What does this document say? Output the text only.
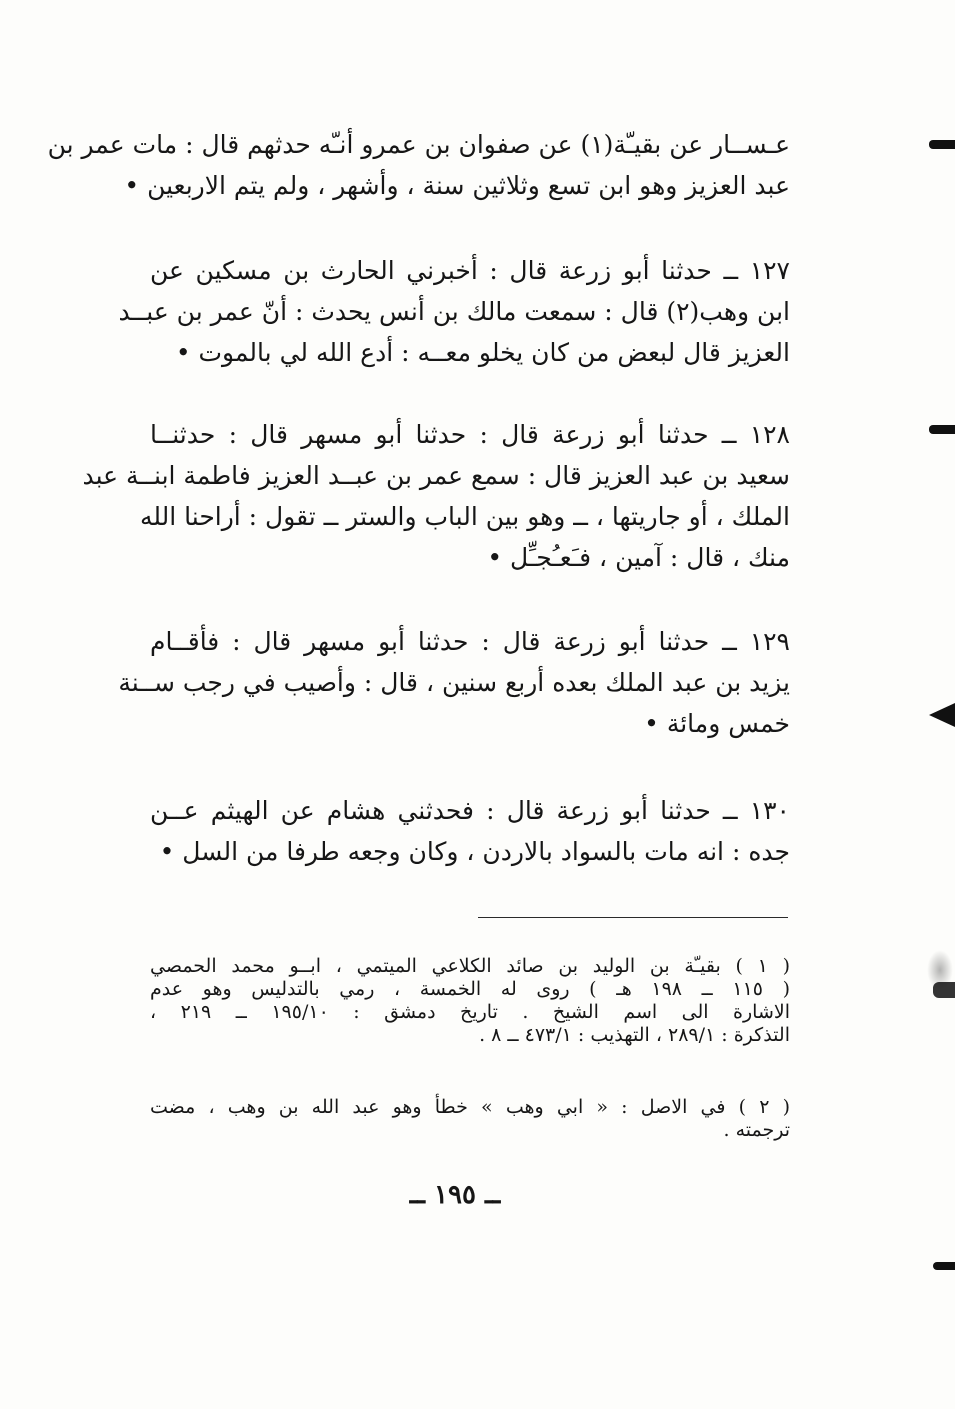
عـســار عن بقيـّة(١) عن صفوان بن عمرو أنـّه حدثهم قال : مات عمر بن
عبد العزيز وهو ابن تسع وثلاثين سنة ، وأشهر ، ولم يتم الاربعين •
١٢٧ ــ حدثنا أبو زرعة قال : أخبرني الحارث بن مسكين عن
ابن وهب(٢) قال : سمعت مالك بن أنس يحدث : أنّ عمر بن عبــد
العزيز قال لبعض من كان يخلو معــه : أدع الله لي بالموت •
١٢٨ ــ حدثنا أبو زرعة قال : حدثنا أبو مسهر قال : حدثنــا
سعيد بن عبد العزيز قال : سمع عمر بن عبــد العزيز فاطمة ابنــة عبد
الملك ، أو جاريتها ، ــ وهو بين الباب والستر ــ تقول : أراحنا الله
منك ، قال : آمين ، فـَعـُجـِّل •
١٢٩ ــ حدثنا أبو زرعة قال : حدثنا أبو مسهر قال : فأقــام
يزيد بن عبد الملك بعده أربع سنين ، قال : وأصيب في رجب ســنة
خمس ومائة •
١٣٠ ــ حدثنا أبو زرعة قال : فحدثني هشام عن الهيثم عــن
جده : انه مات بالسواد بالاردن ، وكان وجعه طرفا من السل •
( ١ ) بقيـّة بن الوليد بن صائد الكلاعي الميتمي ، ابــو محمد الحمصي
( ١١٥ ــ ١٩٨ هـ ) روى له الخمسة ، رمي بالتدليس وهو عدم
الاشارة الى اسم الشيخ . تاريخ دمشق : ١٩٥/١٠ ــ ٢١٩ ،
التذكرة : ٢٨٩/١ ، التهذيب : ٤٧٣/١ ــ ٨ .
( ٢ ) في الاصل : « ابي وهب » خطأ وهو عبد الله بن وهب ، مضت
ترجمته .
ــ ١٩٥ ــ
